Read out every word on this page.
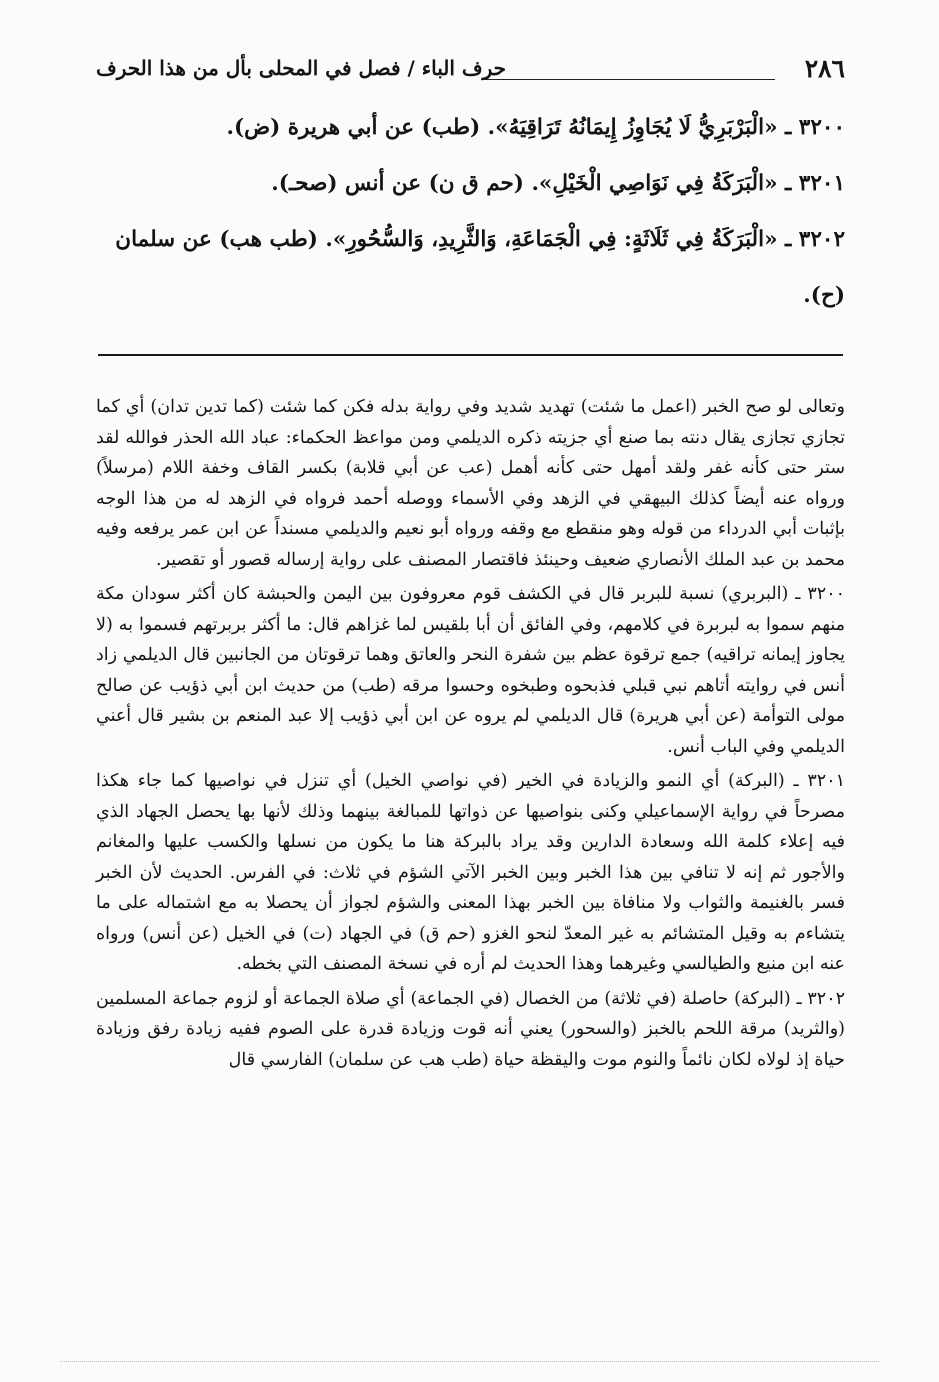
٢٨٦
حرف الباء / فصل في المحلى بأل من هذا الحرف

٣٢٠٠ ـ «الْبَرْبَرِيُّ لَا يُجَاوِزُ إِيمَانُهُ تَرَاقِيَهُ». (طب) عن أبي هريرة (ض).

٣٢٠١ ـ «الْبَرَكَةُ فِي نَوَاصِي الْخَيْلِ». (حم ق ن) عن أنس (صحـ).

٣٢٠٢ ـ «الْبَرَكَةُ فِي ثَلَاثَةٍ: فِي الْجَمَاعَةِ، وَالثَّرِيدِ، وَالسُّحُورِ». (طب هب) عن سلمان (ح).

وتعالى لو صح الخبر (اعمل ما شئت) تهديد شديد وفي رواية بدله فكن كما شئت (كما تدين تدان) أي كما تجازي تجازى يقال دنته بما صنع أي جزيته ذكره الديلمي ومن مواعظ الحكماء: عباد الله الحذر فوالله لقد ستر حتى كأنه غفر ولقد أمهل حتى كأنه أهمل (عب عن أبي قلابة) بكسر القاف وخفة اللام (مرسلاً) ورواه عنه أيضاً كذلك البيهقي في الزهد وفي الأسماء ووصله أحمد فرواه في الزهد له من هذا الوجه بإثبات أبي الدرداء من قوله وهو منقطع مع وقفه ورواه أبو نعيم والديلمي مسنداً عن ابن عمر يرفعه وفيه محمد بن عبد الملك الأنصاري ضعيف وحينئذ فاقتصار المصنف على رواية إرساله قصور أو تقصير.

٣٢٠٠ ـ (البربري) نسبة للبربر قال في الكشف قوم معروفون بين اليمن والحبشة كان أكثر سودان مكة منهم سموا به لبربرة في كلامهم، وفي الفائق أن أبا بلقيس لما غزاهم قال: ما أكثر بربرتهم فسموا به (لا يجاوز إيمانه تراقيه) جمع ترقوة عظم بين شفرة النحر والعاتق وهما ترقوتان من الجانبين قال الديلمي زاد أنس في روايته أتاهم نبي قبلي فذبحوه وطبخوه وحسوا مرقه (طب) من حديث ابن أبي ذؤيب عن صالح مولى التوأمة (عن أبي هريرة) قال الديلمي لم يروه عن ابن أبي ذؤيب إلا عبد المنعم بن بشير قال أعني الديلمي وفي الباب أنس.

٣٢٠١ ـ (البركة) أي النمو والزيادة في الخير (في نواصي الخيل) أي تنزل في نواصيها كما جاء هكذا مصرحاً في رواية الإسماعيلي وكنى بنواصيها عن ذواتها للمبالغة بينهما وذلك لأنها بها يحصل الجهاد الذي فيه إعلاء كلمة الله وسعادة الدارين وقد يراد بالبركة هنا ما يكون من نسلها والكسب عليها والمغانم والأجور ثم إنه لا تنافي بين هذا الخبر وبين الخبر الآتي الشؤم في ثلاث: في الفرس. الحديث لأن الخبر فسر بالغنيمة والثواب ولا منافاة بين الخبر بهذا المعنى والشؤم لجواز أن يحصلا به مع اشتماله على ما يتشاءم به وقيل المتشائم به غير المعدّ لنحو الغزو (حم ق) في الجهاد (ت) في الخيل (عن أنس) ورواه عنه ابن منيع والطيالسي وغيرهما وهذا الحديث لم أره في نسخة المصنف التي بخطه.

٣٢٠٢ ـ (البركة) حاصلة (في ثلاثة) من الخصال (في الجماعة) أي صلاة الجماعة أو لزوم جماعة المسلمين (والثريد) مرقة اللحم بالخبز (والسحور) يعني أنه قوت وزيادة قدرة على الصوم ففيه زيادة رفق وزيادة حياة إذ لولاه لكان نائماً والنوم موت واليقظة حياة (طب هب عن سلمان) الفارسي قال
